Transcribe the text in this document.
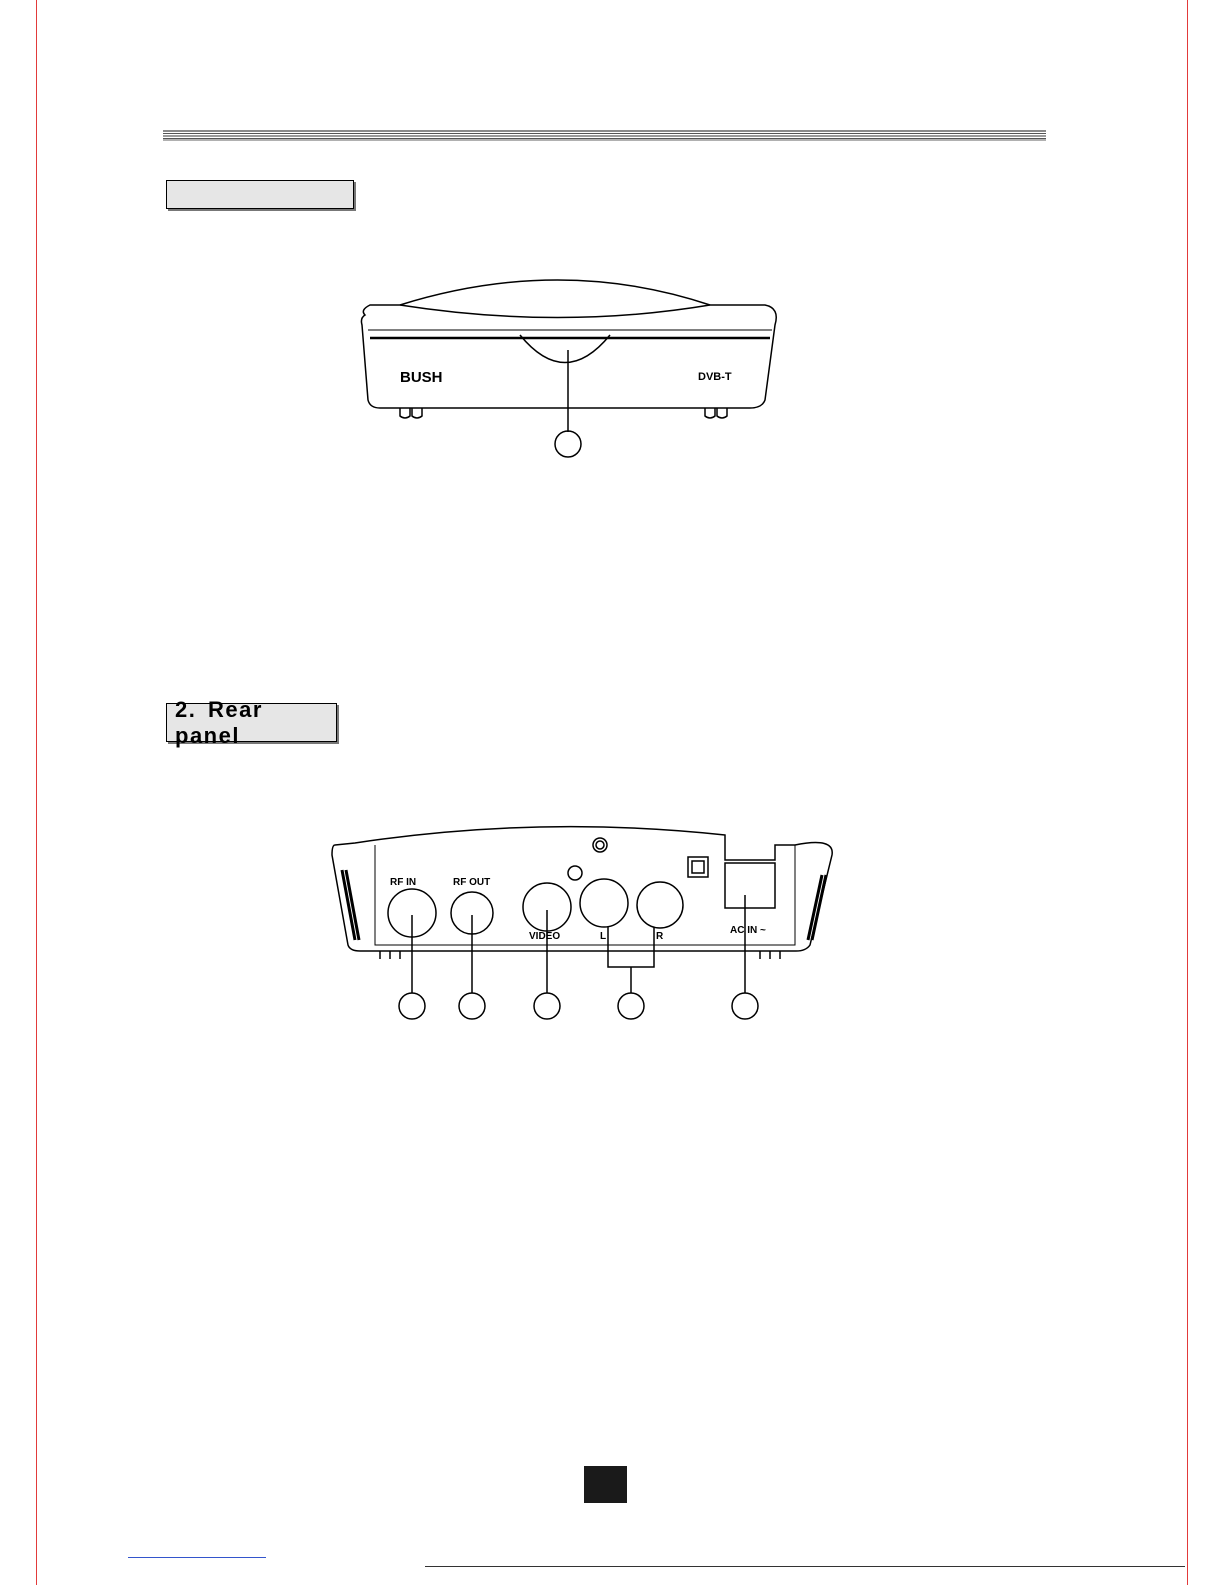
BUSH	DVB-T
2. Rear panel
RF IN	RF OUT
VIDEO	L	R
AC IN ~
